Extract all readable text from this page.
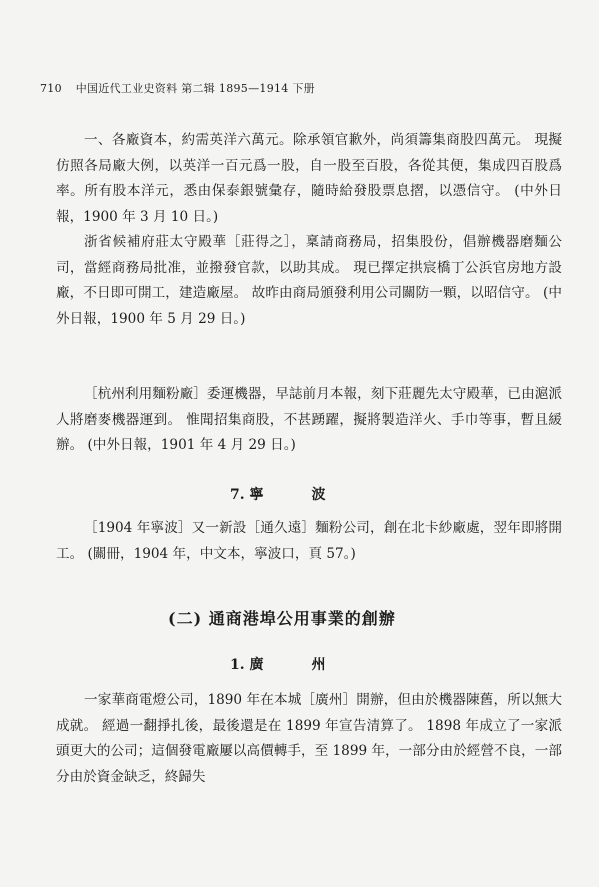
710 中国近代工业史资料 第二辑 1895—1914 下册

一、各廠資本，約需英洋六萬元。除承領官歉外，尚須籌集商股四萬元。 現擬仿照各局廠大例，以英洋一百元爲一股，自一股至百股，各從其便，集成四百股爲率。所有股本洋元，悉由保泰銀號彙存，隨時給發股票息摺，以憑信守。 (中外日報，1900 年 3 月 10 日。)

浙省候補府莊太守殿華［莊得之］，稟請商務局，招集股份，倡辦機器磨麵公司，當經商務局批准，並撥發官款，以助其成。 現已擇定拱宸橋丁公浜官房地方設廠，不日即可開工，建造廠屋。 故昨由商局頒發利用公司關防一顆，以昭信守。 (中外日報，1900 年 5 月 29 日。)

［杭州利用麵粉廠］委運機器，早誌前月本報，刻下莊麗先太守殿華，已由滬派人將磨麥機器運到。 惟聞招集商股，不甚踴躍，擬將製造洋火、手巾等事，暫且緩辦。 (中外日報，1901 年 4 月 29 日。)

7. 寧	波

［1904 年寧波］又一新設［通久遠］麵粉公司，創在北卡紗廠處，翌年即將開工。 (關冊，1904 年，中文本，寧波口，頁 57。)

(二) 通商港埠公用事業的創辦
1. 廣	州

一家華商電燈公司，1890 年在本城［廣州］開辦，但由於機器陳舊，所以無大成就。 經過一翻掙扎後，最後還是在 1899 年宣告清算了。 1898 年成立了一家派頭更大的公司；這個發電廠屢以高價轉手，至 1899 年，一部分由於經營不良，一部分由於資金缺乏，終歸失
